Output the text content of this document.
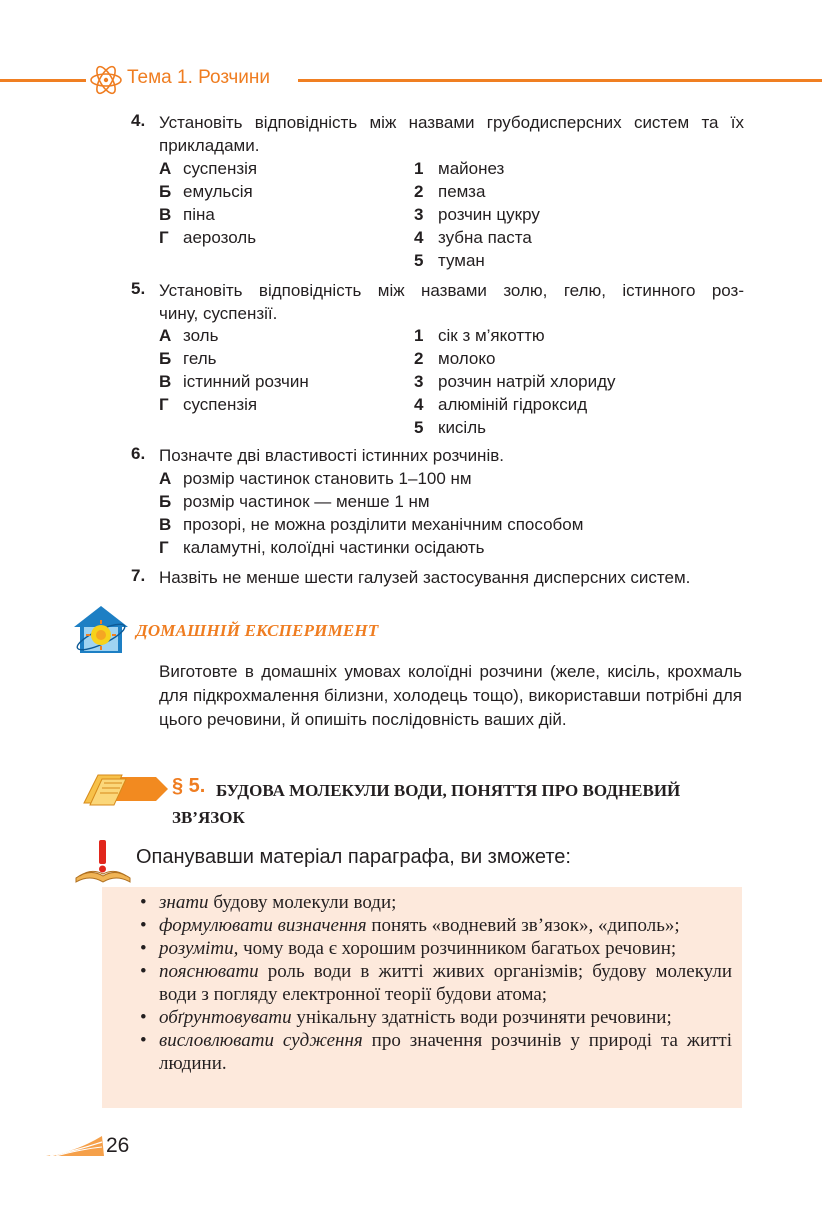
Тема 1. Розчини
4. Установіть відповідність між назвами грубодисперсних систем та їх прикладами.
А суспензія
Б емульсія
В піна
Г аерозоль
1 майонез
2 пемза
3 розчин цукру
4 зубна паста
5 туман
5. Установіть відповідність між назвами золю, гелю, істинного роз-
чину, суспензії.
А золь
Б гель
В істинний розчин
Г суспензія
1 сік з м’якоттю
2 молоко
3 розчин натрій хлориду
4 алюміній гідроксид
5 кисіль
6. Позначте дві властивості істинних розчинів.
А розмір частинок становить 1–100 нм
Б розмір частинок — менше 1 нм
В прозорі, не можна розділити механічним способом
Г каламутні, колоїдні частинки осідають
7. Назвіть не менше шести галузей застосування дисперсних систем.
ДОМАШНІЙ ЕКСПЕРИМЕНТ
Виготовте в домашніх умовах колоїдні розчини (желе, кисіль, крохмаль для підкрохмалення білизни, холодець тощо), використавши потрібні для цього речовини, й опишіть послідовність ваших дій.
§ 5. БУДОВА МОЛЕКУЛИ ВОДИ, ПОНЯТТЯ ПРО ВОДНЕВИЙ ЗВ’ЯЗОК
Опанувавши матеріал параграфа, ви зможете:
• знати будову молекули води;
• формулювати визначення понять «водневий зв’язок», «диполь»;
• розуміти, чому вода є хорошим розчинником багатьох речовин;
• пояснювати роль води в житті живих організмів; будову молекули води з погляду електронної теорії будови атома;
• обґрунтовувати унікальну здатність води розчиняти речовини;
• висловлювати судження про значення розчинів у природі та житті людини.
26
